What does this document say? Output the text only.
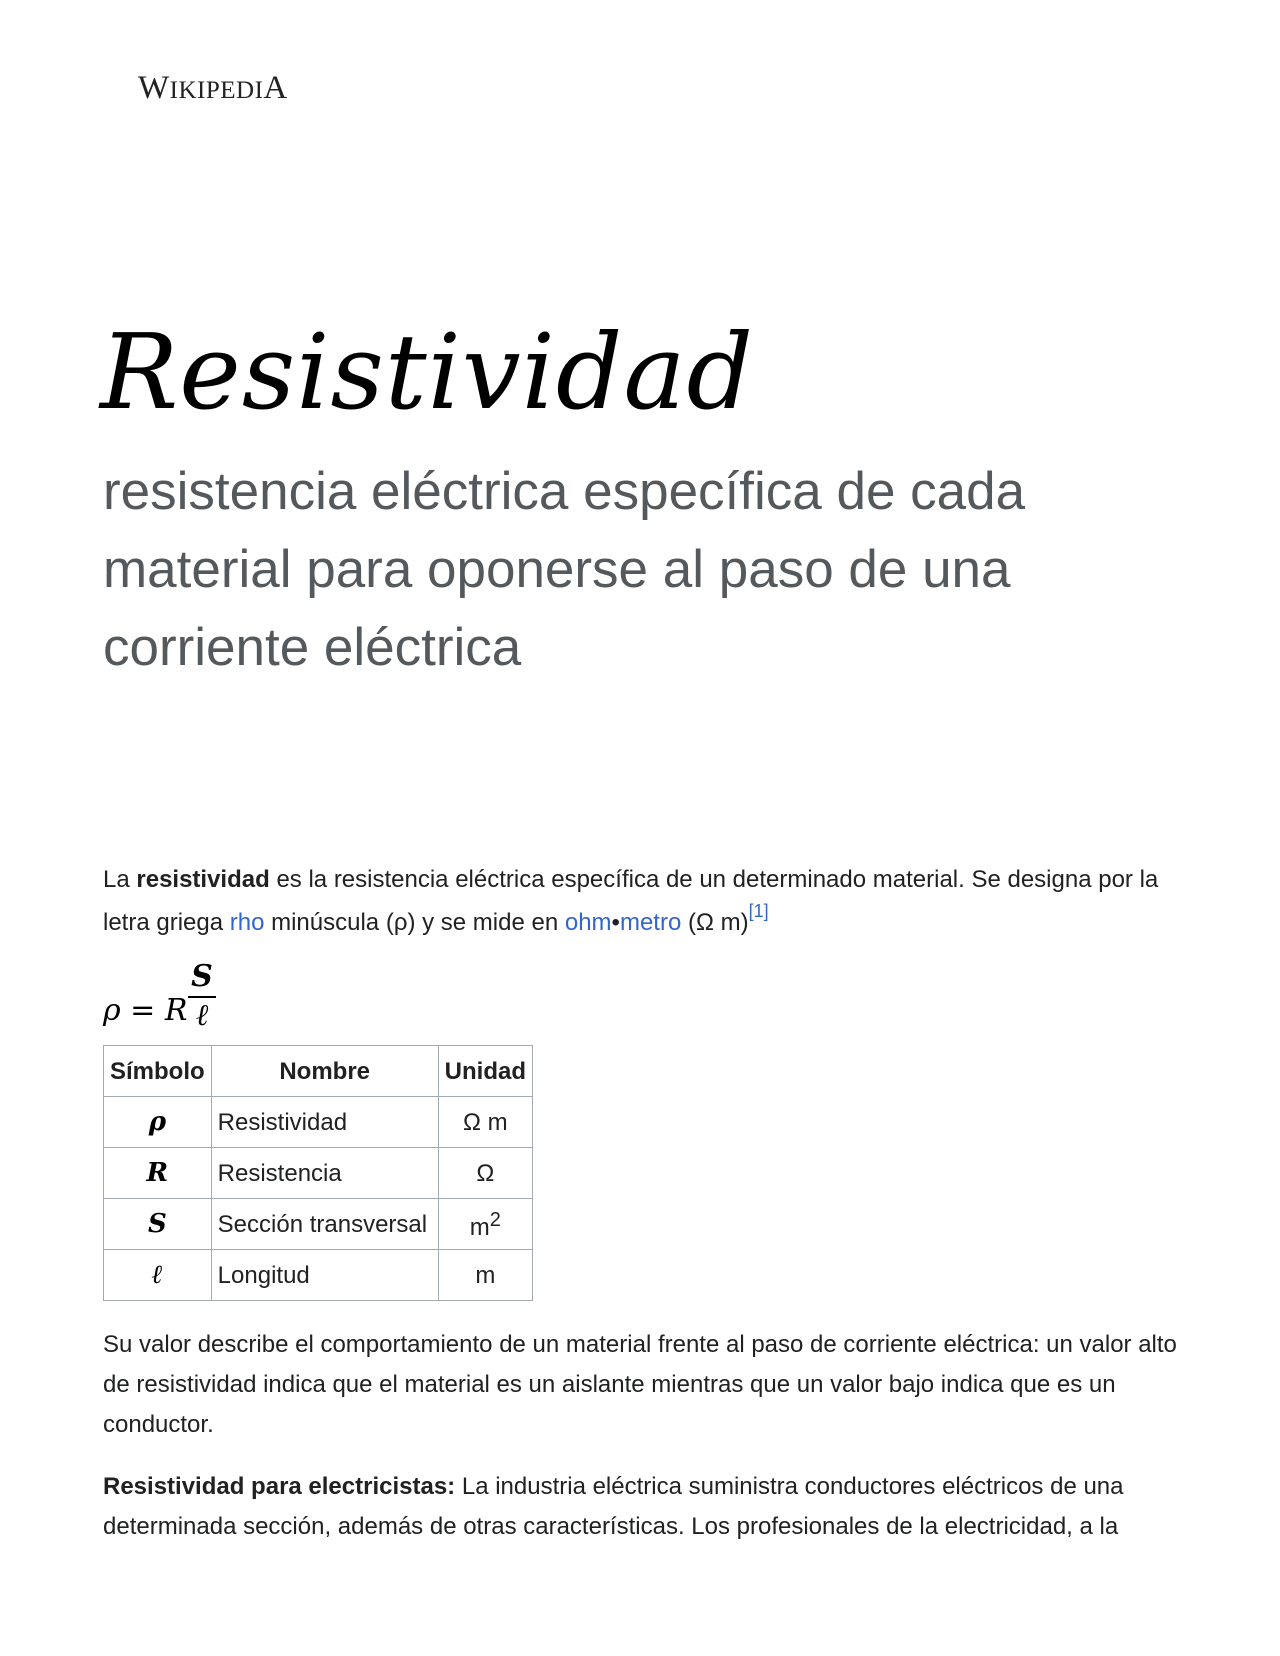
WIKIPEDIA
Resistividad
resistencia eléctrica específica de cada material para oponerse al paso de una corriente eléctrica

La resistividad es la resistencia eléctrica específica de un determinado material. Se designa por la letra griega rho minúscula (ρ) y se mide en ohm•metro (Ω m)[1]

ρ = R
S
ℓ
Símbolo	Nombre	Unidad
ρ	Resistividad	Ω m
R	Resistencia	Ω
S	Sección transversal	$m^2$
ℓ	Longitud	m

Su valor describe el comportamiento de un material frente al paso de corriente eléctrica: un valor alto de resistividad indica que el material es un aislante mientras que un valor bajo indica que es un conductor.

Resistividad para electricistas: La industria eléctrica suministra conductores eléctricos de una determinada sección, además de otras características. Los profesionales de la electricidad, a la
